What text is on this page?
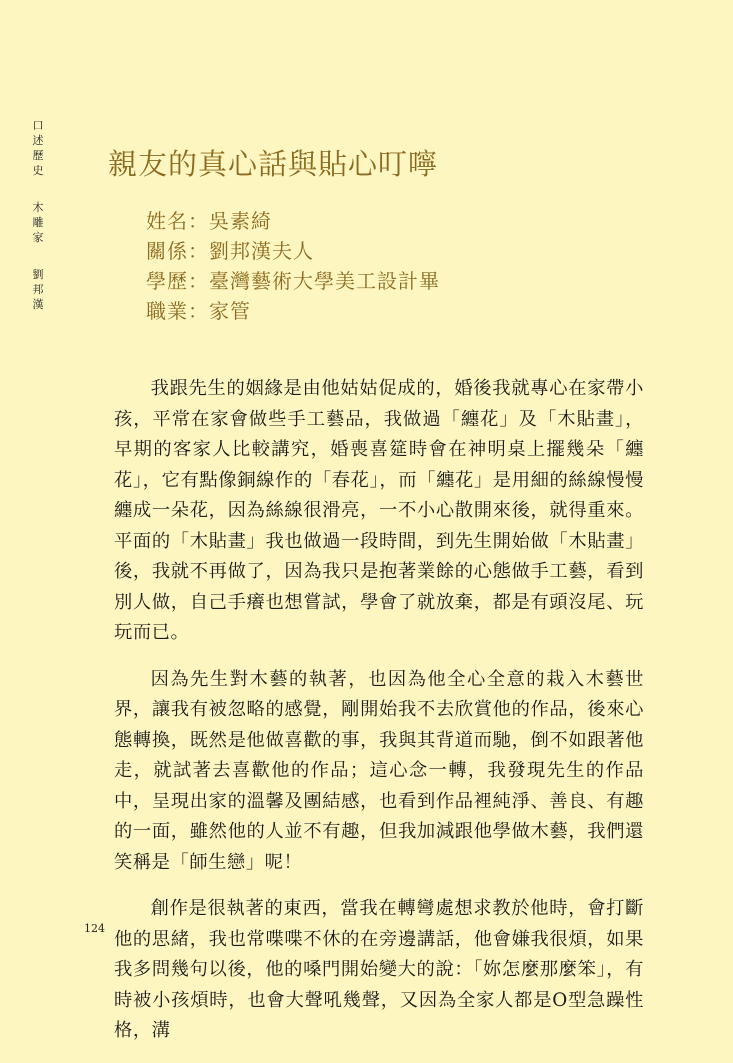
口
述
歷
史
木
雕
家
劉
邦
漢
親友的真心話與貼心叮嚀
姓名：吳素綺
關係：劉邦漢夫人
學歷：臺灣藝術大學美工設計畢
職業：家管

我跟先生的姻緣是由他姑姑促成的，婚後我就專心在家帶小孩，平常在家會做些手工藝品，我做過「纏花」及「木貼畫」，早期的客家人比較講究，婚喪喜筵時會在神明桌上擺幾朵「纏花」，它有點像銅線作的「春花」，而「纏花」是用細的絲線慢慢纏成一朵花，因為絲線很滑亮，一不小心散開來後，就得重來。平面的「木貼畫」我也做過一段時間，到先生開始做「木貼畫」後，我就不再做了，因為我只是抱著業餘的心態做手工藝，看到別人做，自己手癢也想嘗試，學會了就放棄，都是有頭沒尾、玩玩而已。

因為先生對木藝的執著，也因為他全心全意的栽入木藝世界，讓我有被忽略的感覺，剛開始我不去欣賞他的作品，後來心態轉換，既然是他做喜歡的事，我與其背道而馳，倒不如跟著他走，就試著去喜歡他的作品；這心念一轉，我發現先生的作品中，呈現出家的溫馨及團結感，也看到作品裡純淨、善良、有趣的一面，雖然他的人並不有趣，但我加減跟他學做木藝，我們還笑稱是「師生戀」呢！

創作是很執著的東西，當我在轉彎處想求教於他時，會打斷他的思緒，我也常喋喋不休的在旁邊講話，他會嫌我很煩，如果我多問幾句以後，他的嗓門開始變大的說：「妳怎麼那麼笨」，有時被小孩煩時，也會大聲吼幾聲，又因為全家人都是O型急躁性格，溝

124
